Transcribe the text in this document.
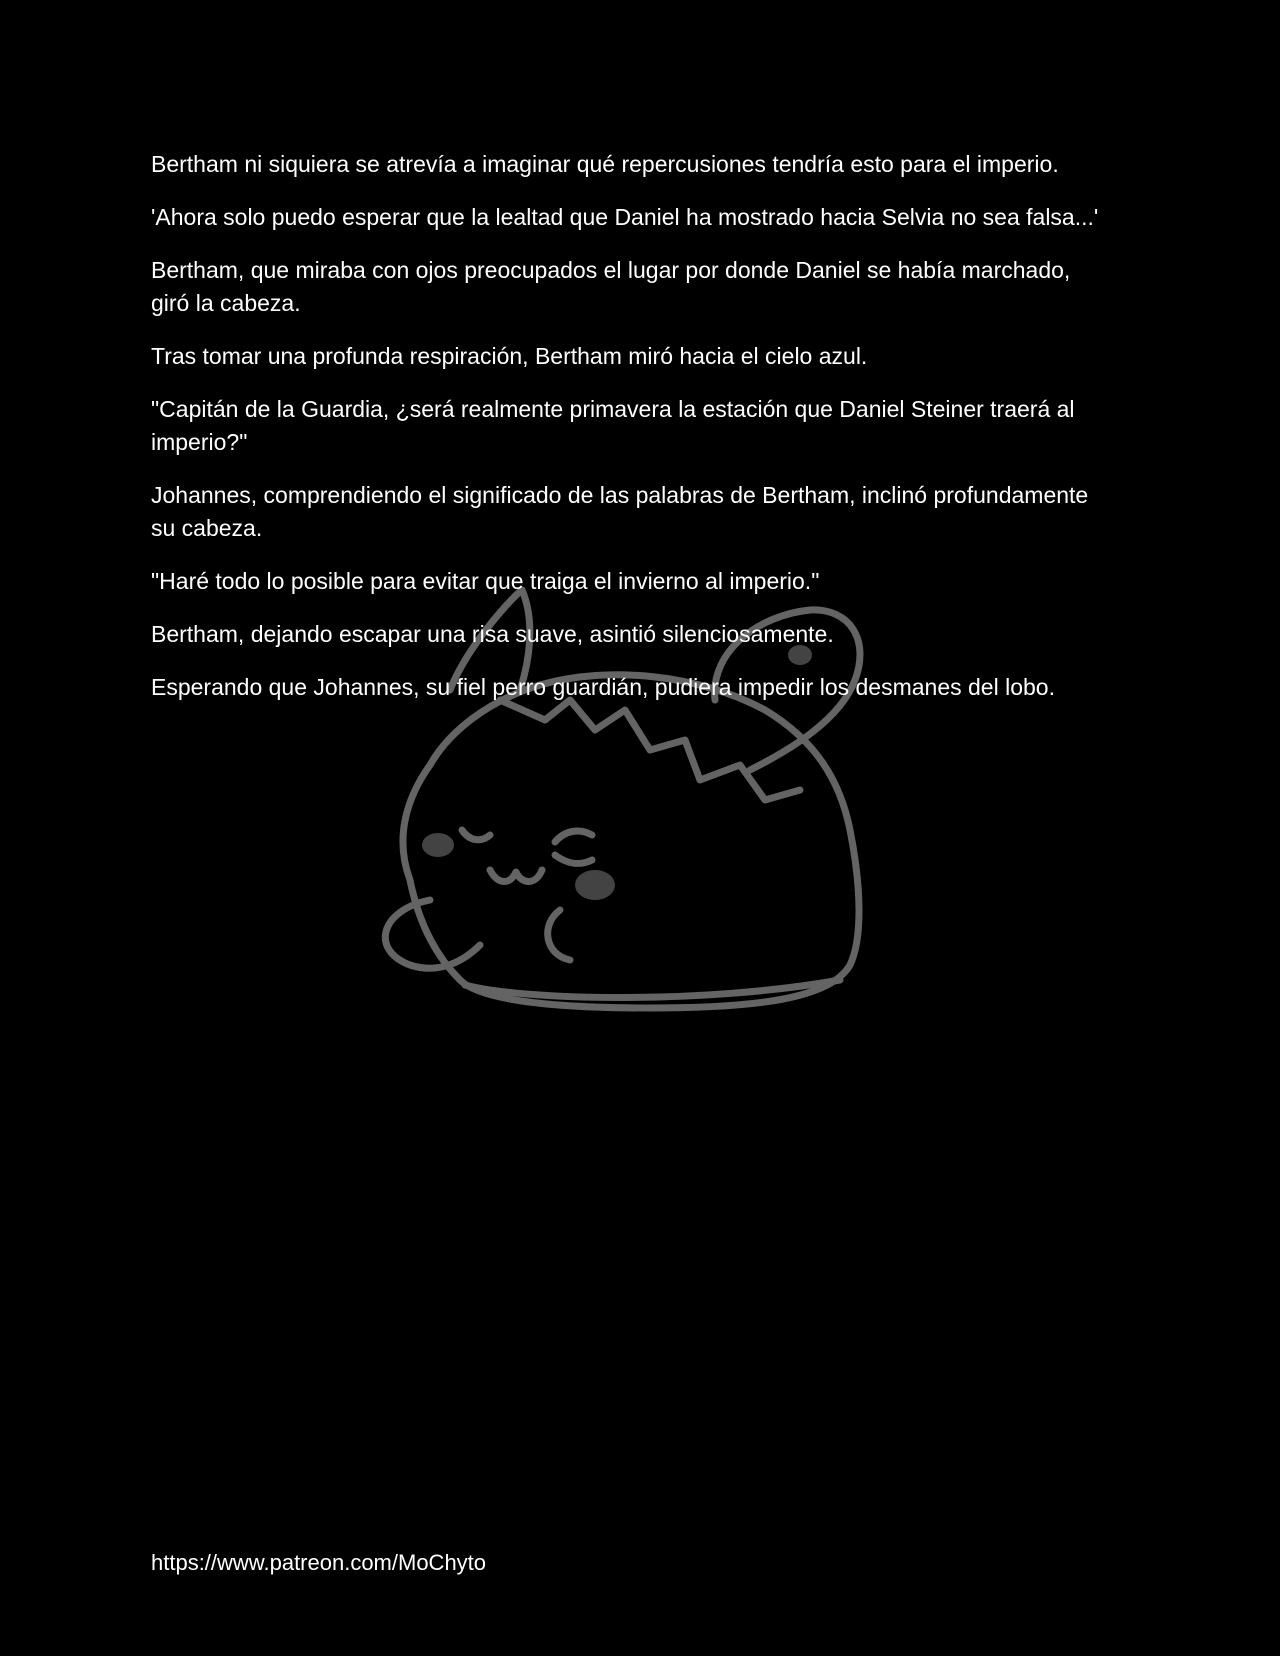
Bertham ni siquiera se atrevía a imaginar qué repercusiones tendría esto para el imperio.

'Ahora solo puedo esperar que la lealtad que Daniel ha mostrado hacia Selvia no sea falsa...'

Bertham, que miraba con ojos preocupados el lugar por donde Daniel se había marchado, giró la cabeza.

Tras tomar una profunda respiración, Bertham miró hacia el cielo azul.

"Capitán de la Guardia, ¿será realmente primavera la estación que Daniel Steiner traerá al imperio?"

Johannes, comprendiendo el significado de las palabras de Bertham, inclinó profundamente su cabeza.

"Haré todo lo posible para evitar que traiga el invierno al imperio."

Bertham, dejando escapar una risa suave, asintió silenciosamente.

Esperando que Johannes, su fiel perro guardián, pudiera impedir los desmanes del lobo.

https://www.patreon.com/MoChyto
